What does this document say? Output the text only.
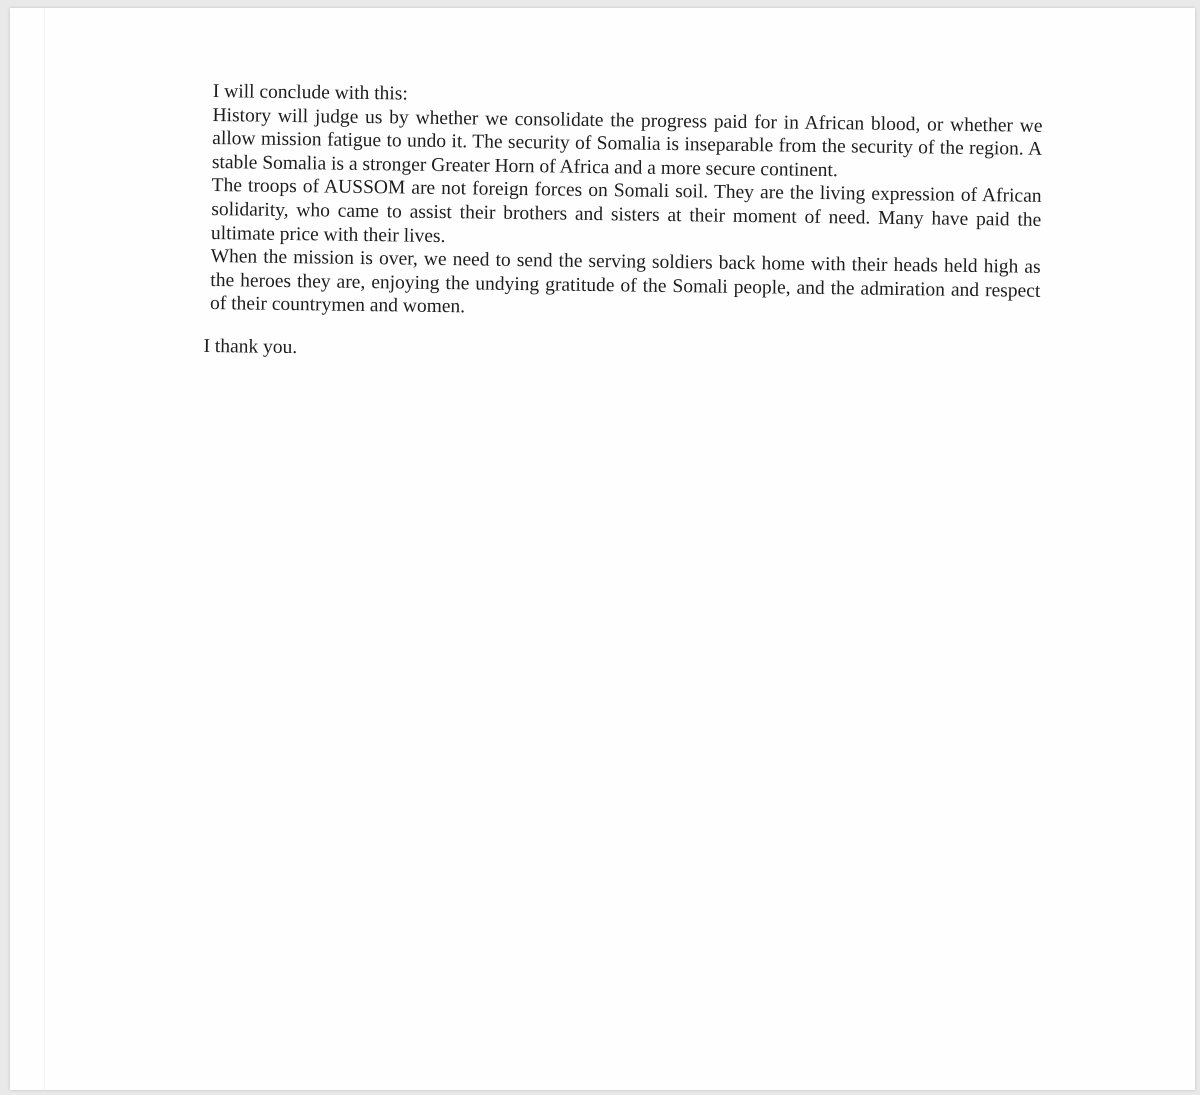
I will conclude with this:

History will judge us by whether we consolidate the progress paid for in African blood, or whether we allow mission fatigue to undo it. The security of Somalia is inseparable from the security of the region. A stable Somalia is a stronger Greater Horn of Africa and a more secure continent.

The troops of AUSSOM are not foreign forces on Somali soil. They are the living expression of African solidarity, who came to assist their brothers and sisters at their moment of need. Many have paid the ultimate price with their lives.

When the mission is over, we need to send the serving soldiers back home with their heads held high as the heroes they are, enjoying the undying gratitude of the Somali people, and the admiration and respect of their countrymen and women.

I thank you.
